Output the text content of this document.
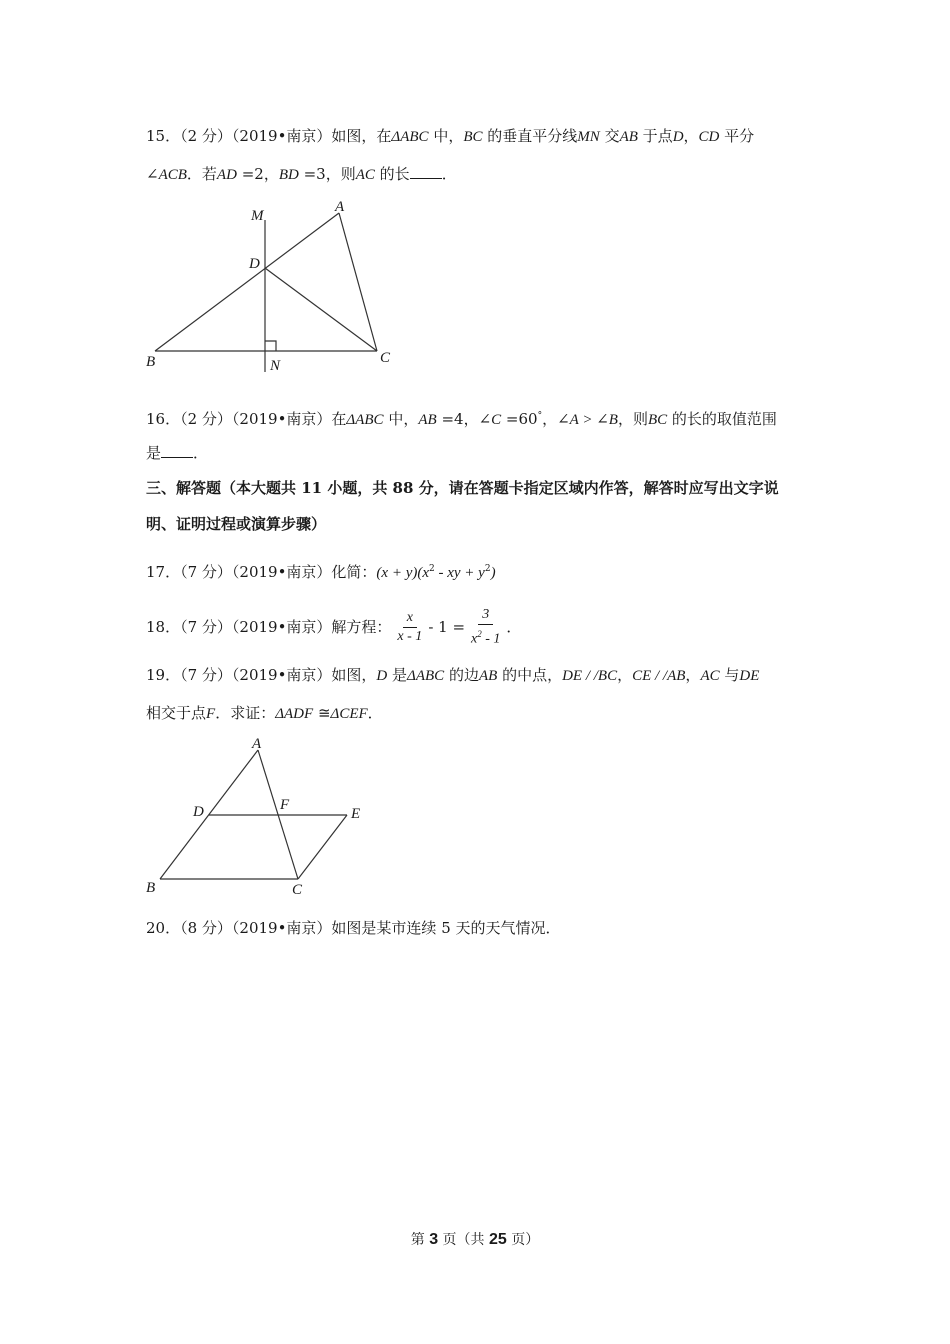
15．（2 分）（2019•南京）如图，在ΔABC 中，BC 的垂直平分线MN 交AB 于点D，CD 平分
∠ACB．若AD =2，BD =3，则AC 的长 ．
M
A
D
B	N	C
16．（2 分）（2019•南京）在ΔABC 中，AB =4，∠C =60°，∠A > ∠B，则BC 的长的取值范围
是 ．
三、解答题（本大题共 11 小题，共 88 分，请在答题卡指定区域内作答，解答时应写出文字说
明、证明过程或演算步骤）
17．（7 分）（2019•南京）化简：$(x + y)(x^2$ - xy + $y^2$)
18．（7 分）（2019•南京）解方程： $\frac{x}{x - 1} - 1 = \frac{3}{x^2 - 1}$ ．
19．（7 分）（2019•南京）如图，D 是ΔABC 的边AB 的中点，DE / /BC，CE / /AB，AC 与DE
相交于点F．求证：ΔADF ≅ΔCEF．
A
D	F
E
B	C
20．（8 分）（2019•南京）如图是某市连续 5 天的天气情况．
第 3 页（共 25 页）
